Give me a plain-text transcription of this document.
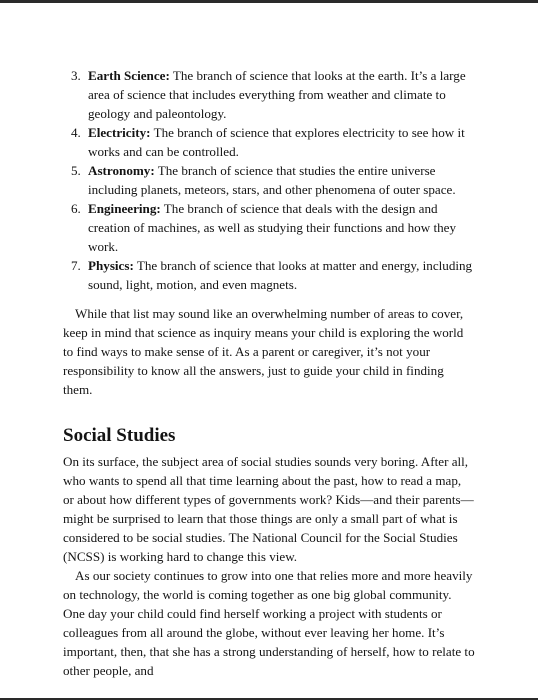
3. Earth Science: The branch of science that looks at the earth. It’s a large area of science that includes everything from weather and climate to geology and paleontology.
4. Electricity: The branch of science that explores electricity to see how it works and can be controlled.
5. Astronomy: The branch of science that studies the entire universe including planets, meteors, stars, and other phenomena of outer space.
6. Engineering: The branch of science that deals with the design and creation of machines, as well as studying their functions and how they work.
7. Physics: The branch of science that looks at matter and energy, including sound, light, motion, and even magnets.

While that list may sound like an overwhelming number of areas to cover, keep in mind that science as inquiry means your child is exploring the world to find ways to make sense of it. As a parent or caregiver, it’s not your responsibility to know all the answers, just to guide your child in finding them.

Social Studies

On its surface, the subject area of social studies sounds very boring. After all, who wants to spend all that time learning about the past, how to read a map, or about how different types of governments work? Kids—and their parents—might be surprised to learn that those things are only a small part of what is considered to be social studies. The National Council for the Social Studies (NCSS) is working hard to change this view.

As our society continues to grow into one that relies more and more heavily on technology, the world is coming together as one big global community. One day your child could find herself working a project with students or colleagues from all around the globe, without ever leaving her home. It’s important, then, that she has a strong understanding of herself, how to relate to other people, and
